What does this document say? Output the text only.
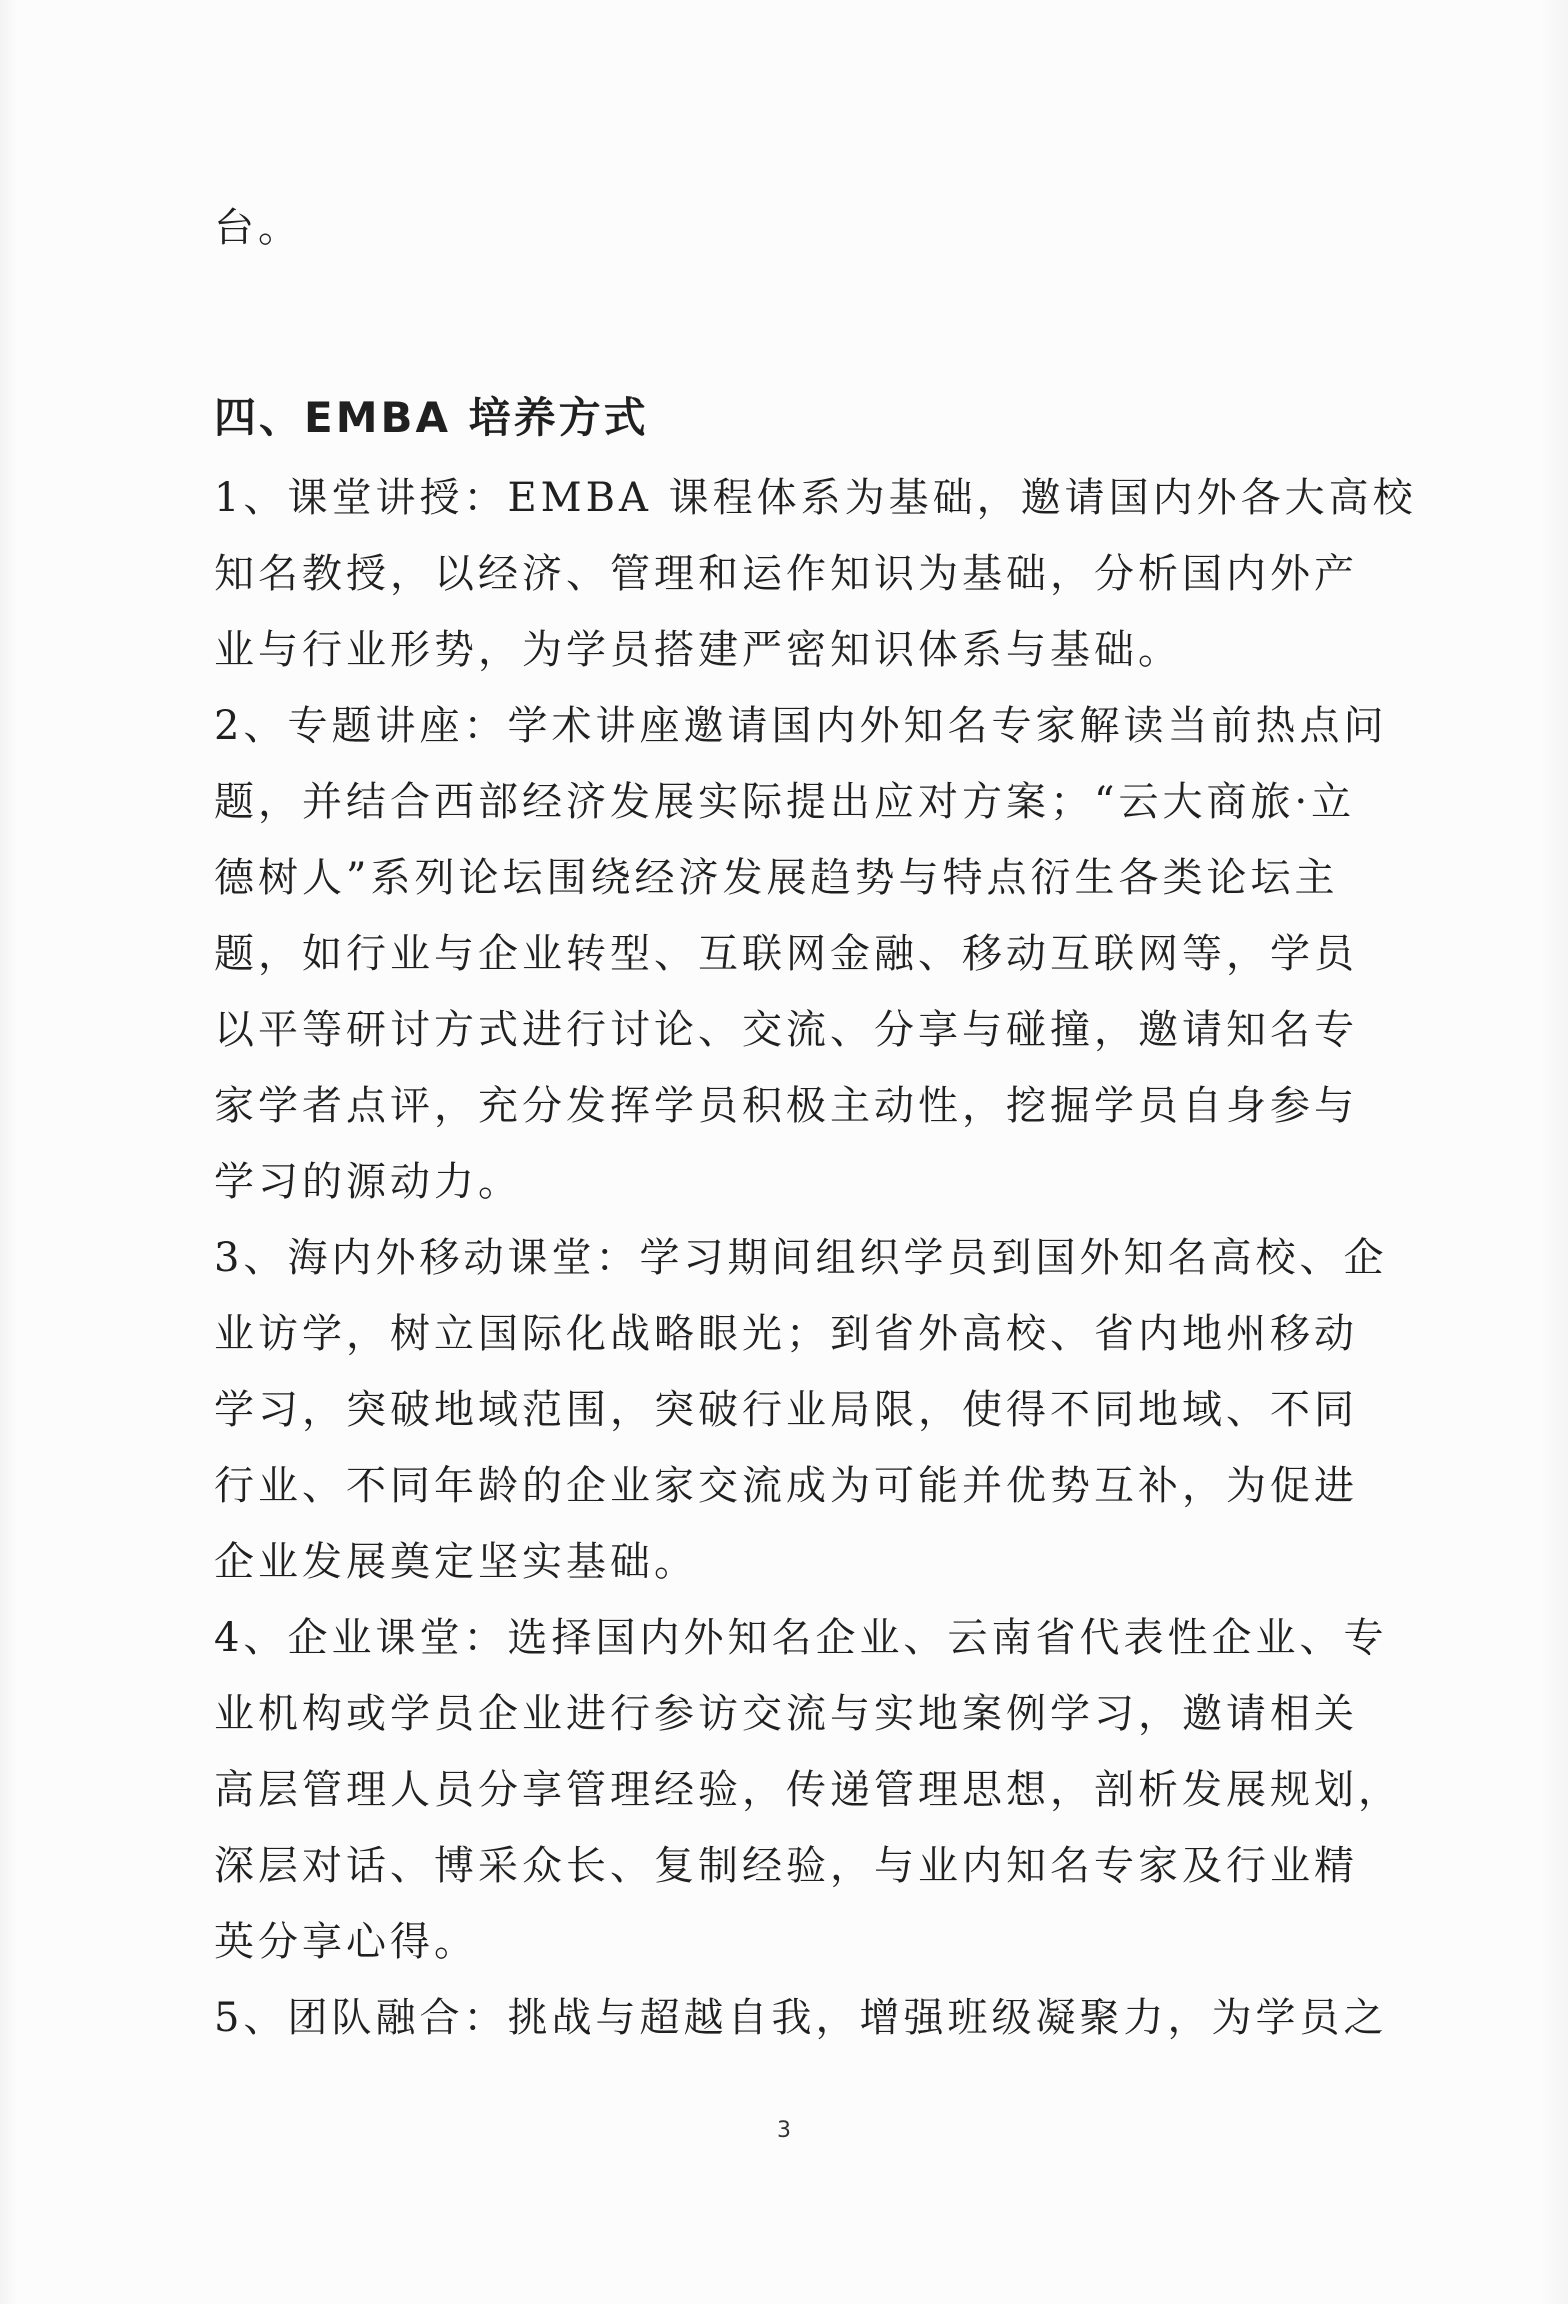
台。

四、EMBA 培养方式

1、课堂讲授：EMBA 课程体系为基础，邀请国内外各大高校

知名教授，以经济、管理和运作知识为基础，分析国内外产

业与行业形势，为学员搭建严密知识体系与基础。

2、专题讲座：学术讲座邀请国内外知名专家解读当前热点问

题，并结合西部经济发展实际提出应对方案；“云大商旅·立

德树人”系列论坛围绕经济发展趋势与特点衍生各类论坛主

题，如行业与企业转型、互联网金融、移动互联网等，学员

以平等研讨方式进行讨论、交流、分享与碰撞，邀请知名专

家学者点评，充分发挥学员积极主动性，挖掘学员自身参与

学习的源动力。

3、海内外移动课堂：学习期间组织学员到国外知名高校、企

业访学，树立国际化战略眼光；到省外高校、省内地州移动

学习，突破地域范围，突破行业局限，使得不同地域、不同

行业、不同年龄的企业家交流成为可能并优势互补，为促进

企业发展奠定坚实基础。

4、企业课堂：选择国内外知名企业、云南省代表性企业、专

业机构或学员企业进行参访交流与实地案例学习，邀请相关

高层管理人员分享管理经验，传递管理思想，剖析发展规划，

深层对话、博采众长、复制经验，与业内知名专家及行业精

英分享心得。

5、团队融合：挑战与超越自我，增强班级凝聚力，为学员之

3
